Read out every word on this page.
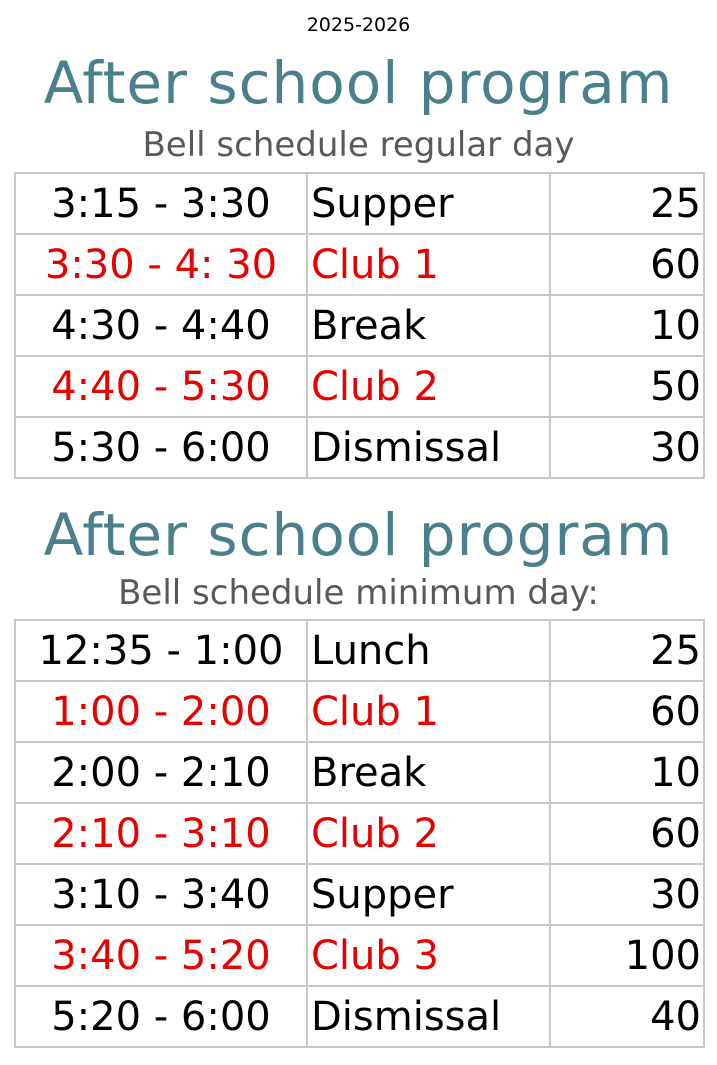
2025-2026
After school program
Bell schedule regular day
3:15 - 3:30	Supper	25
3:30 - 4: 30	Club 1	60
4:30 - 4:40	Break	10
4:40 - 5:30	Club 2	50
5:30 - 6:00	Dismissal	30
After school program
Bell schedule minimum day:
12:35 - 1:00	Lunch	25
1:00 - 2:00	Club 1	60
2:00 - 2:10	Break	10
2:10 - 3:10	Club 2	60
3:10 - 3:40	Supper	30
3:40 - 5:20	Club 3	100
5:20 - 6:00	Dismissal	40
